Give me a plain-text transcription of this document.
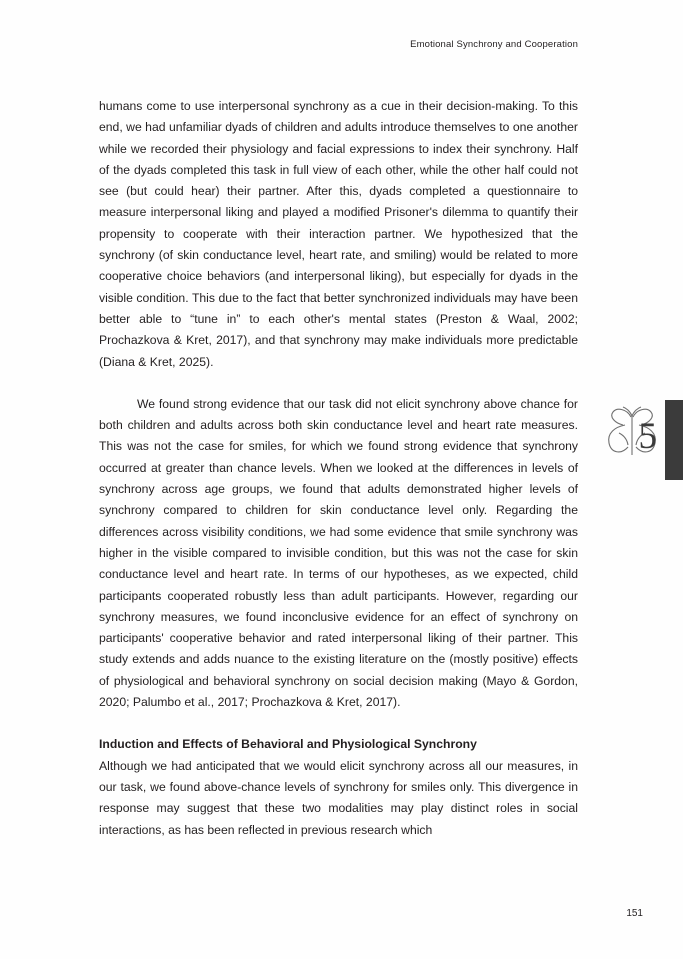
Emotional Synchrony and Cooperation
5

humans come to use interpersonal synchrony as a cue in their decision-making. To this end, we had unfamiliar dyads of children and adults introduce themselves to one another while we recorded their physiology and facial expressions to index their synchrony. Half of the dyads completed this task in full view of each other, while the other half could not see (but could hear) their partner. After this, dyads completed a questionnaire to measure interpersonal liking and played a modified Prisoner's dilemma to quantify their propensity to cooperate with their interaction partner. We hypothesized that the synchrony (of skin conductance level, heart rate, and smiling) would be related to more cooperative choice behaviors (and interpersonal liking), but especially for dyads in the visible condition. This due to the fact that better synchronized individuals may have been better able to “tune in” to each other's mental states (Preston & Waal, 2002; Prochazkova & Kret, 2017), and that synchrony may make individuals more predictable (Diana & Kret, 2025).

We found strong evidence that our task did not elicit synchrony above chance for both children and adults across both skin conductance level and heart rate measures. This was not the case for smiles, for which we found strong evidence that synchrony occurred at greater than chance levels. When we looked at the differences in levels of synchrony across age groups, we found that adults demonstrated higher levels of synchrony compared to children for skin conductance level only. Regarding the differences across visibility conditions, we had some evidence that smile synchrony was higher in the visible compared to invisible condition, but this was not the case for skin conductance level and heart rate. In terms of our hypotheses, as we expected, child participants cooperated robustly less than adult participants. However, regarding our synchrony measures, we found inconclusive evidence for an effect of synchrony on participants' cooperative behavior and rated interpersonal liking of their partner. This study extends and adds nuance to the existing literature on the (mostly positive) effects of physiological and behavioral synchrony on social decision making (Mayo & Gordon, 2020; Palumbo et al., 2017; Prochazkova & Kret, 2017).

Induction and Effects of Behavioral and Physiological Synchrony

Although we had anticipated that we would elicit synchrony across all our measures, in our task, we found above-chance levels of synchrony for smiles only. This divergence in response may suggest that these two modalities may play distinct roles in social interactions, as has been reflected in previous research which

151
